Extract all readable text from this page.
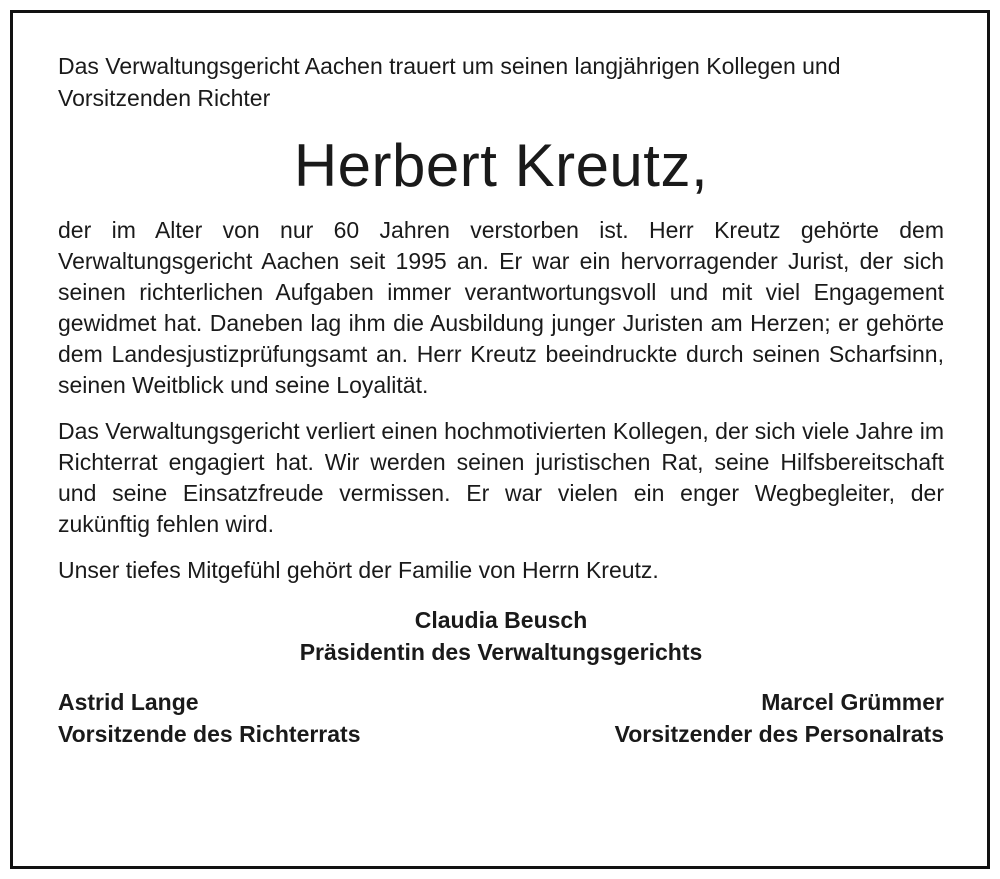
Das Verwaltungsgericht Aachen trauert um seinen langjährigen Kollegen und Vorsitzenden Richter

Herbert Kreutz,

der im Alter von nur 60 Jahren verstorben ist. Herr Kreutz gehörte dem Verwaltungsgericht Aachen seit 1995 an. Er war ein hervorragender Jurist, der sich seinen richterlichen Aufgaben immer verantwortungsvoll und mit viel Engagement gewidmet hat. Daneben lag ihm die Ausbildung junger Juristen am Herzen; er gehörte dem Landesjustizprüfungsamt an. Herr Kreutz beeindruckte durch seinen Scharfsinn, seinen Weitblick und seine Loyalität.

Das Verwaltungsgericht verliert einen hochmotivierten Kollegen, der sich viele Jahre im Richterrat engagiert hat. Wir werden seinen juristischen Rat, seine Hilfsbereitschaft und seine Einsatzfreude vermissen. Er war vielen ein enger Wegbegleiter, der zukünftig fehlen wird.

Unser tiefes Mitgefühl gehört der Familie von Herrn Kreutz.

Claudia Beusch
Präsidentin des Verwaltungsgerichts
Astrid Lange
Vorsitzende des Richterrats
Marcel Grümmer
Vorsitzender des Personalrats
